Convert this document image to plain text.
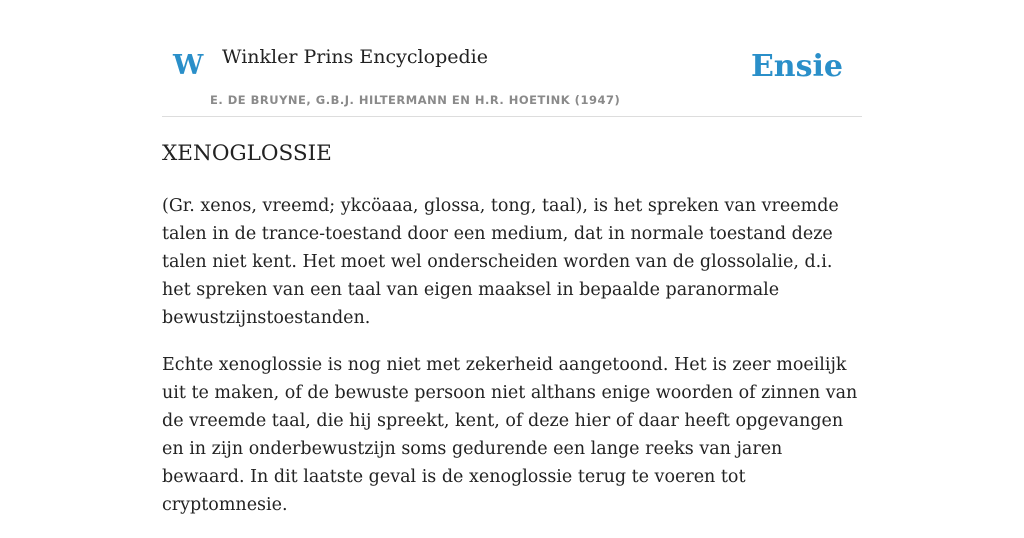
W Winkler Prins Encyclopedie
E. DE BRUYNE, G.B.J. HILTERMANN EN H.R. HOETINK (1947)
Ensie
XENOGLOSSIE

(Gr. xenos, vreemd; ykcöaaa, glossa, tong, taal), is het spreken van vreemde talen in de trance-toestand door een medium, dat in normale toestand deze talen niet kent. Het moet wel onderscheiden worden van de glossolalie, d.i. het spreken van een taal van eigen maaksel in bepaalde paranormale bewustzijnstoestanden.

Echte xenoglossie is nog niet met zekerheid aangetoond. Het is zeer moeilijk uit te maken, of de bewuste persoon niet althans enige woorden of zinnen van de vreemde taal, die hij spreekt, kent, of deze hier of daar heeft opgevangen en in zijn onderbewustzijn soms gedurende een lange reeks van jaren bewaard. In dit laatste geval is de xenoglossie terug te voeren tot cryptomnesie.
